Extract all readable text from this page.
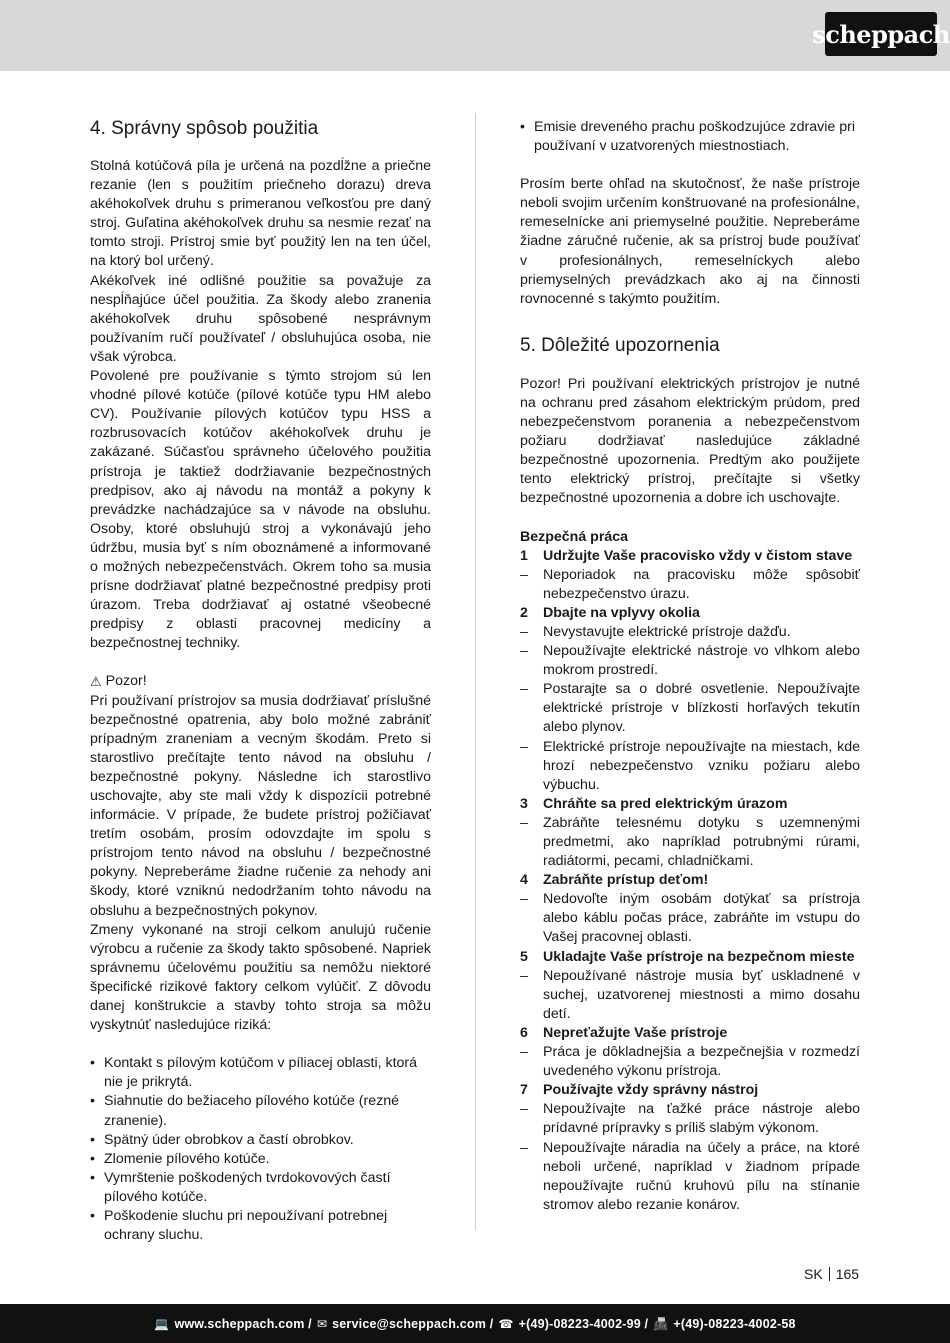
scheppach
4. Správny spôsob použitia

Stolná kotúčová píla je určená na pozdĺžne a priečne rezanie (len s použitím priečneho dorazu) dreva akéhokoľvek druhu s primeranou veľkosťou pre daný stroj. Guľatina akéhokoľvek druhu sa nesmie rezať na tomto stroji. Prístroj smie byť použitý len na ten účel, na ktorý bol určený.

Akékoľvek iné odlišné použitie sa považuje za nespĺňajúce účel použitia. Za škody alebo zranenia akéhokoľvek druhu spôsobené nesprávnym používaním ručí používateľ / obsluhujúca osoba, nie však výrobca.

Povolené pre používanie s týmto strojom sú len vhodné pílové kotúče (pílové kotúče typu HM alebo CV). Používanie pílových kotúčov typu HSS a rozbrusovacích kotúčov akéhokoľvek druhu je zakázané. Súčasťou správneho účelového použitia prístroja je taktiež dodržiavanie bezpečnostných predpisov, ako aj návodu na montáž a pokyny k prevádzke nachádzajúce sa v návode na obsluhu. Osoby, ktoré obsluhujú stroj a vykonávajú jeho údržbu, musia byť s ním oboznámené a informované o možných nebezpečenstvách. Okrem toho sa musia prísne dodržiavať platné bezpečnostné predpisy proti úrazom. Treba dodržiavať aj ostatné všeobecné predpisy z oblasti pracovnej medicíny a bezpečnostnej techniky.

⚠ Pozor!

Pri používaní prístrojov sa musia dodržiavať príslušné bezpečnostné opatrenia, aby bolo možné zabrániť prípadným zraneniam a vecným škodám. Preto si starostlivo prečítajte tento návod na obsluhu / bezpečnostné pokyny. Následne ich starostlivo uschovajte, aby ste mali vždy k dispozícii potrebné informácie. V prípade, že budete prístroj požičiavať tretím osobám, prosím odovzdajte im spolu s prístrojom tento návod na obsluhu / bezpečnostné pokyny. Nepreberáme žiadne ručenie za nehody ani škody, ktoré vzniknú nedodržaním tohto návodu na obsluhu a bezpečnostných pokynov.

Zmeny vykonané na stroji celkom anulujú ručenie výrobcu a ručenie za škody takto spôsobené. Napriek správnemu účelovému použitiu sa nemôžu niektoré špecifické rizikové faktory celkom vylúčiť. Z dôvodu danej konštrukcie a stavby tohto stroja sa môžu vyskytnúť nasledujúce riziká:

• Kontakt s pílovým kotúčom v píliacej oblasti, ktorá nie je prikrytá.
• Siahnutie do bežiaceho pílového kotúče (rezné zranenie).
• Spätný úder obrobkov a častí obrobkov.
• Zlomenie pílového kotúče.
• Vymrštenie poškodených tvrdokovových častí pílového kotúče.
• Poškodenie sluchu pri nepoužívaní potrebnej ochrany sluchu.
• Emisie dreveného prachu poškodzujúce zdravie pri používaní v uzatvorených miestnostiach.

Prosím berte ohľad na skutočnosť, že naše prístroje neboli svojim určením konštruované na profesionálne, remeselnícke ani priemyselné použitie. Nepreberáme žiadne záručné ručenie, ak sa prístroj bude používať v profesionálnych, remeselníckych alebo priemyselných prevádzkach ako aj na činnosti rovnocenné s takýmto použitím.

5. Dôležité upozornenia

Pozor! Pri používaní elektrických prístrojov je nutné na ochranu pred zásahom elektrickým prúdom, pred nebezpečenstvom poranenia a nebezpečenstvom požiaru dodržiavať nasledujúce základné bezpečnostné upozornenia. Predtým ako použijete tento elektrický prístroj, prečítajte si všetky bezpečnostné upozornenia a dobre ich uschovajte.

Bezpečná práca
1	Udržujte Vaše pracovisko vždy v čistom stave
–	Neporiadok na pracovisku môže spôsobiť nebezpečenstvo úrazu.
2	Dbajte na vplyvy okolia
–	Nevystavujte elektrické prístroje dažďu.
–	Nepoužívajte elektrické nástroje vo vlhkom alebo mokrom prostredí.
–	Postarajte sa o dobré osvetlenie. Nepoužívajte elektrické prístroje v blízkosti horľavých tekutín alebo plynov.
–	Elektrické prístroje nepoužívajte na miestach, kde hrozí nebezpečenstvo vzniku požiaru alebo výbuchu.
3	Chráňte sa pred elektrickým úrazom
–	Zabráňte telesnému dotyku s uzemnenými predmetmi, ako napríklad potrubnými rúrami, radiátormi, pecami, chladničkami.
4	Zabráňte prístup deťom!
–	Nedovoľte iným osobám dotýkať sa prístroja alebo káblu počas práce, zabráňte im vstupu do Vašej pracovnej oblasti.
5	Ukladajte Vaše prístroje na bezpečnom mieste
–	Nepoužívané nástroje musia byť uskladnené v suchej, uzatvorenej miestnosti a mimo dosahu detí.
6	Nepreťažujte Vaše prístroje
–	Práca je dôkladnejšia a bezpečnejšia v rozmedzí uvedeného výkonu prístroja.
7	Používajte vždy správny nástroj
–	Nepoužívajte na ťažké práce nástroje alebo prídavné prípravky s príliš slabým výkonom.
–	Nepoužívajte náradia na účely a práce, na ktoré neboli určené, napríklad v žiadnom prípade nepoužívajte ručnú kruhovú pílu na stínanie stromov alebo rezanie konárov.
SK 165
💻 www.scheppach.com / ✉ service@scheppach.com / ☎ +(49)-08223-4002-99 / 📠 +(49)-08223-4002-58
